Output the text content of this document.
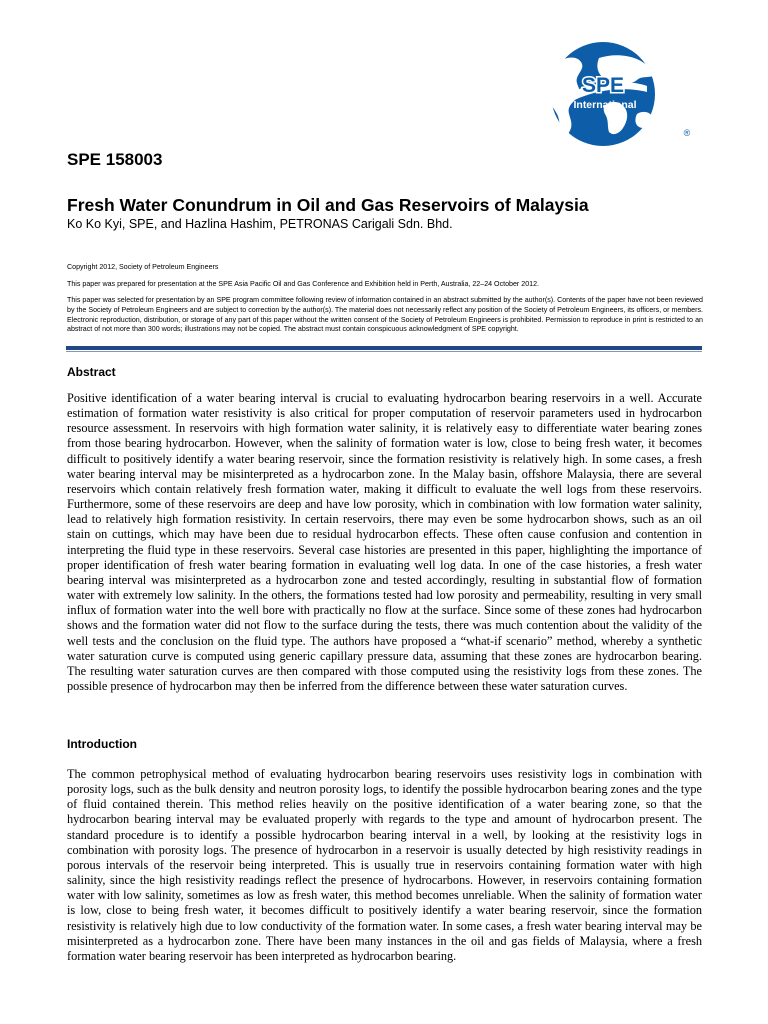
SPE
International
®
SPE 158003
Fresh Water Conundrum in Oil and Gas Reservoirs of Malaysia
Ko Ko Kyi, SPE, and Hazlina Hashim, PETRONAS Carigali Sdn. Bhd.
Copyright 2012, Society of Petroleum Engineers
This paper was prepared for presentation at the SPE Asia Pacific Oil and Gas Conference and Exhibition held in Perth, Australia, 22–24 October 2012.
This paper was selected for presentation by an SPE program committee following review of information contained in an abstract submitted by the author(s). Contents of the paper have not been reviewed by the Society of Petroleum Engineers and are subject to correction by the author(s). The material does not necessarily reflect any position of the Society of Petroleum Engineers, its officers, or members. Electronic reproduction, distribution, or storage of any part of this paper without the written consent of the Society of Petroleum Engineers is prohibited. Permission to reproduce in print is restricted to an abstract of not more than 300 words; illustrations may not be copied. The abstract must contain conspicuous acknowledgment of SPE copyright.
Abstract
Positive identification of a water bearing interval is crucial to evaluating hydrocarbon bearing reservoirs in a well. Accurate estimation of formation water resistivity is also critical for proper computation of reservoir parameters used in hydrocarbon resource assessment. In reservoirs with high formation water salinity, it is relatively easy to differentiate water bearing zones from those bearing hydrocarbon. However, when the salinity of formation water is low, close to being fresh water, it becomes difficult to positively identify a water bearing reservoir, since the formation resistivity is relatively high. In some cases, a fresh water bearing interval may be misinterpreted as a hydrocarbon zone. In the Malay basin, offshore Malaysia, there are several reservoirs which contain relatively fresh formation water, making it difficult to evaluate the well logs from these reservoirs. Furthermore, some of these reservoirs are deep and have low porosity, which in combination with low formation water salinity, lead to relatively high formation resistivity. In certain reservoirs, there may even be some hydrocarbon shows, such as an oil stain on cuttings, which may have been due to residual hydrocarbon effects. These often cause confusion and contention in interpreting the fluid type in these reservoirs. Several case histories are presented in this paper, highlighting the importance of proper identification of fresh water bearing formation in evaluating well log data. In one of the case histories, a fresh water bearing interval was misinterpreted as a hydrocarbon zone and tested accordingly, resulting in substantial flow of formation water with extremely low salinity. In the others, the formations tested had low porosity and permeability, resulting in very small influx of formation water into the well bore with practically no flow at the surface. Since some of these zones had hydrocarbon shows and the formation water did not flow to the surface during the tests, there was much contention about the validity of the well tests and the conclusion on the fluid type. The authors have proposed a “what-if scenario” method, whereby a synthetic water saturation curve is computed using generic capillary pressure data, assuming that these zones are hydrocarbon bearing. The resulting water saturation curves are then compared with those computed using the resistivity logs from these zones. The possible presence of hydrocarbon may then be inferred from the difference between these water saturation curves.
Introduction
The common petrophysical method of evaluating hydrocarbon bearing reservoirs uses resistivity logs in combination with porosity logs, such as the bulk density and neutron porosity logs, to identify the possible hydrocarbon bearing zones and the type of fluid contained therein. This method relies heavily on the positive identification of a water bearing zone, so that the hydrocarbon bearing interval may be evaluated properly with regards to the type and amount of hydrocarbon present. The standard procedure is to identify a possible hydrocarbon bearing interval in a well, by looking at the resistivity logs in combination with porosity logs. The presence of hydrocarbon in a reservoir is usually detected by high resistivity readings in porous intervals of the reservoir being interpreted. This is usually true in reservoirs containing formation water with high salinity, since the high resistivity readings reflect the presence of hydrocarbons. However, in reservoirs containing formation water with low salinity, sometimes as low as fresh water, this method becomes unreliable. When the salinity of formation water is low, close to being fresh water, it becomes difficult to positively identify a water bearing reservoir, since the formation resistivity is relatively high due to low conductivity of the formation water. In some cases, a fresh water bearing interval may be misinterpreted as a hydrocarbon zone. There have been many instances in the oil and gas fields of Malaysia, where a fresh formation water bearing reservoir has been interpreted as hydrocarbon bearing.
